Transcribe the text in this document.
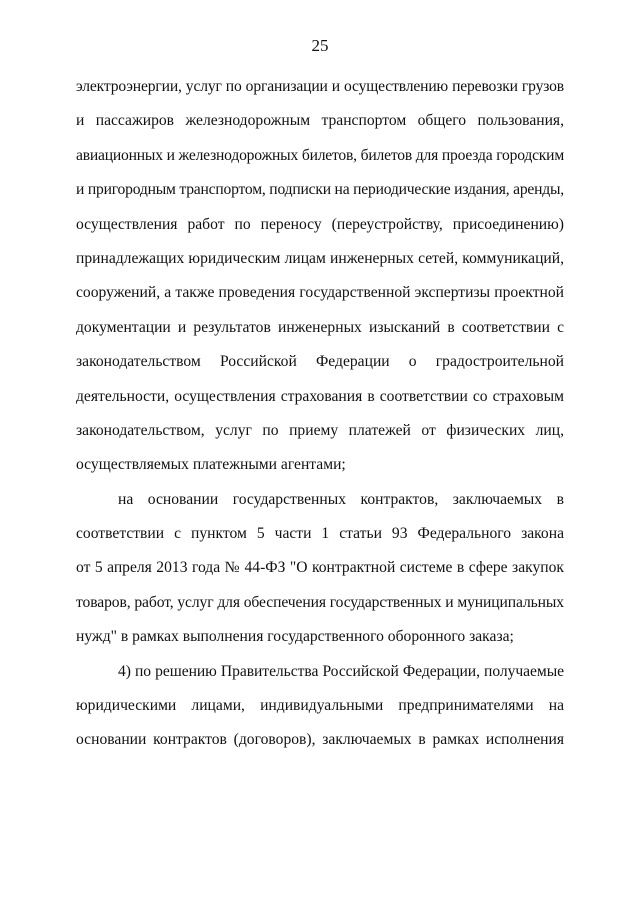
25
электроэнергии, услуг по организации и осуществлению перевозки грузов
и пассажиров железнодорожным транспортом общего пользования,
авиационных и железнодорожных билетов, билетов для проезда городским
и пригородным транспортом, подписки на периодические издания, аренды,
осуществления работ по переносу (переустройству, присоединению)
принадлежащих юридическим лицам инженерных сетей, коммуникаций,
сооружений, а также проведения государственной экспертизы проектной
документации и результатов инженерных изысканий в соответствии с
законодательством Российской Федерации о градостроительной
деятельности, осуществления страхования в соответствии со страховым
законодательством, услуг по приему платежей от физических лиц,
осуществляемых платежными агентами;
на основании государственных контрактов, заключаемых в
соответствии с пунктом 5 части 1 статьи 93 Федерального закона
от 5 апреля 2013 года № 44-ФЗ "О контрактной системе в сфере закупок
товаров, работ, услуг для обеспечения государственных и муниципальных
нужд" в рамках выполнения государственного оборонного заказа;
4) по решению Правительства Российской Федерации, получаемые
юридическими лицами, индивидуальными предпринимателями на
основании контрактов (договоров), заключаемых в рамках исполнения
